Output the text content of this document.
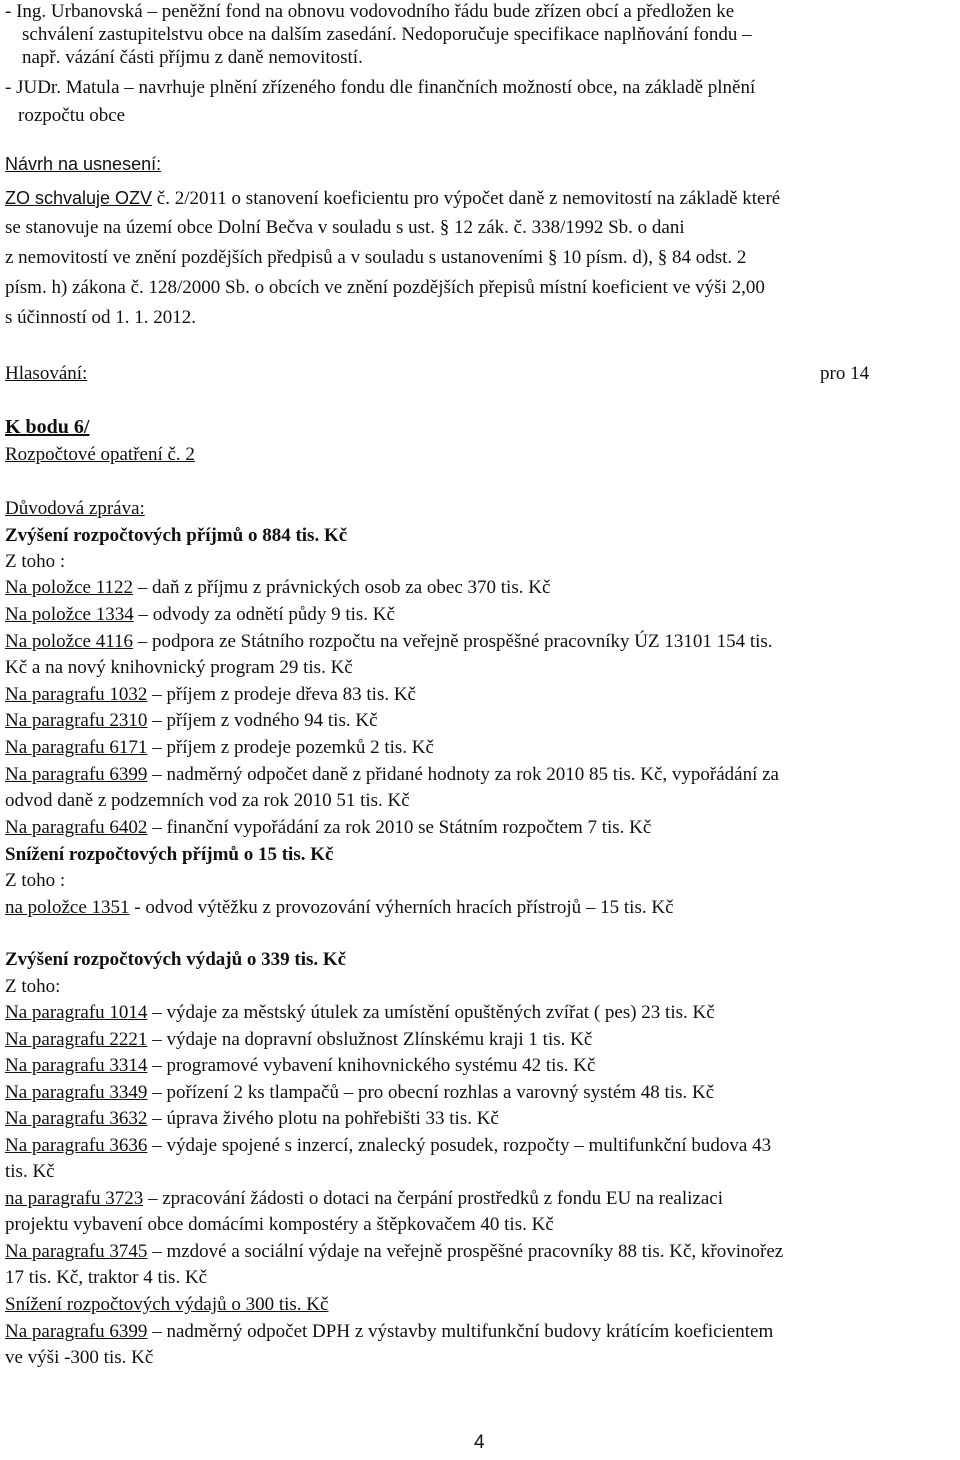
- Ing. Urbanovská – peněžní fond na obnovu vodovodního řádu bude zřízen obcí a předložen ke
schválení zastupitelstvu obce na dalším zasedání. Nedoporučuje specifikace naplňování fondu –
např. vázání části příjmu z daně nemovitostí.
- JUDr. Matula – navrhuje plnění zřízeného fondu dle finančních možností obce, na základě plnění
rozpočtu obce
Návrh na usnesení:
ZO schvaluje OZV č. 2/2011 o stanovení koeficientu pro výpočet daně z nemovitostí na základě které
se stanovuje na území obce Dolní Bečva v souladu s ust. § 12 zák. č. 338/1992 Sb. o dani
z nemovitostí ve znění pozdějších předpisů a v souladu s ustanoveními § 10 písm. d), § 84 odst. 2
písm. h) zákona č. 128/2000 Sb. o obcích ve znění pozdějších přepisů místní koeficient ve výši 2,00
s účinností od 1. 1. 2012.
Hlasování:	pro 14
K bodu 6/
Rozpočtové opatření č. 2
Důvodová zpráva:
Zvýšení rozpočtových příjmů o 884 tis. Kč
Z toho :
Na položce 1122 – daň z příjmu z právnických osob za obec 370 tis. Kč
Na položce 1334 – odvody za odnětí půdy 9 tis. Kč
Na položce 4116 – podpora ze Státního rozpočtu na veřejně prospěšné pracovníky ÚZ 13101 154 tis.
Kč a na nový knihovnický program 29 tis. Kč
Na paragrafu 1032 – příjem z prodeje dřeva 83 tis. Kč
Na paragrafu 2310 – příjem z vodného 94 tis. Kč
Na paragrafu 6171 – příjem z prodeje pozemků 2 tis. Kč
Na paragrafu 6399 – nadměrný odpočet daně z přidané hodnoty za rok 2010 85 tis. Kč, vypořádání za
odvod daně z podzemních vod za rok 2010 51 tis. Kč
Na paragrafu 6402 – finanční vypořádání za rok 2010 se Státním rozpočtem 7 tis. Kč
Snížení rozpočtových příjmů o 15 tis. Kč
Z toho :
na položce 1351 - odvod výtěžku z provozování výherních hracích přístrojů – 15 tis. Kč
Zvýšení rozpočtových výdajů o 339 tis. Kč
Z toho:
Na paragrafu 1014 – výdaje za městský útulek za umístění opuštěných zvířat ( pes) 23 tis. Kč
Na paragrafu 2221 – výdaje na dopravní obslužnost Zlínskému kraji 1 tis. Kč
Na paragrafu 3314 – programové vybavení knihovnického systému 42 tis. Kč
Na paragrafu 3349 – pořízení 2 ks tlampačů – pro obecní rozhlas a varovný systém 48 tis. Kč
Na paragrafu 3632 – úprava živého plotu na pohřebišti 33 tis. Kč
Na paragrafu 3636 – výdaje spojené s inzercí, znalecký posudek, rozpočty – multifunkční budova 43
tis. Kč
na paragrafu 3723 – zpracování žádosti o dotaci na čerpání prostředků z fondu EU na realizaci
projektu vybavení obce domácími kompostéry a štěpkovačem 40 tis. Kč
Na paragrafu 3745 – mzdové a sociální výdaje na veřejně prospěšné pracovníky 88 tis. Kč, křovinořez
17 tis. Kč, traktor 4 tis. Kč
Snížení rozpočtových výdajů o 300 tis. Kč
Na paragrafu 6399 – nadměrný odpočet DPH z výstavby multifunkční budovy krátícím koeficientem
ve výši -300 tis. Kč
4
